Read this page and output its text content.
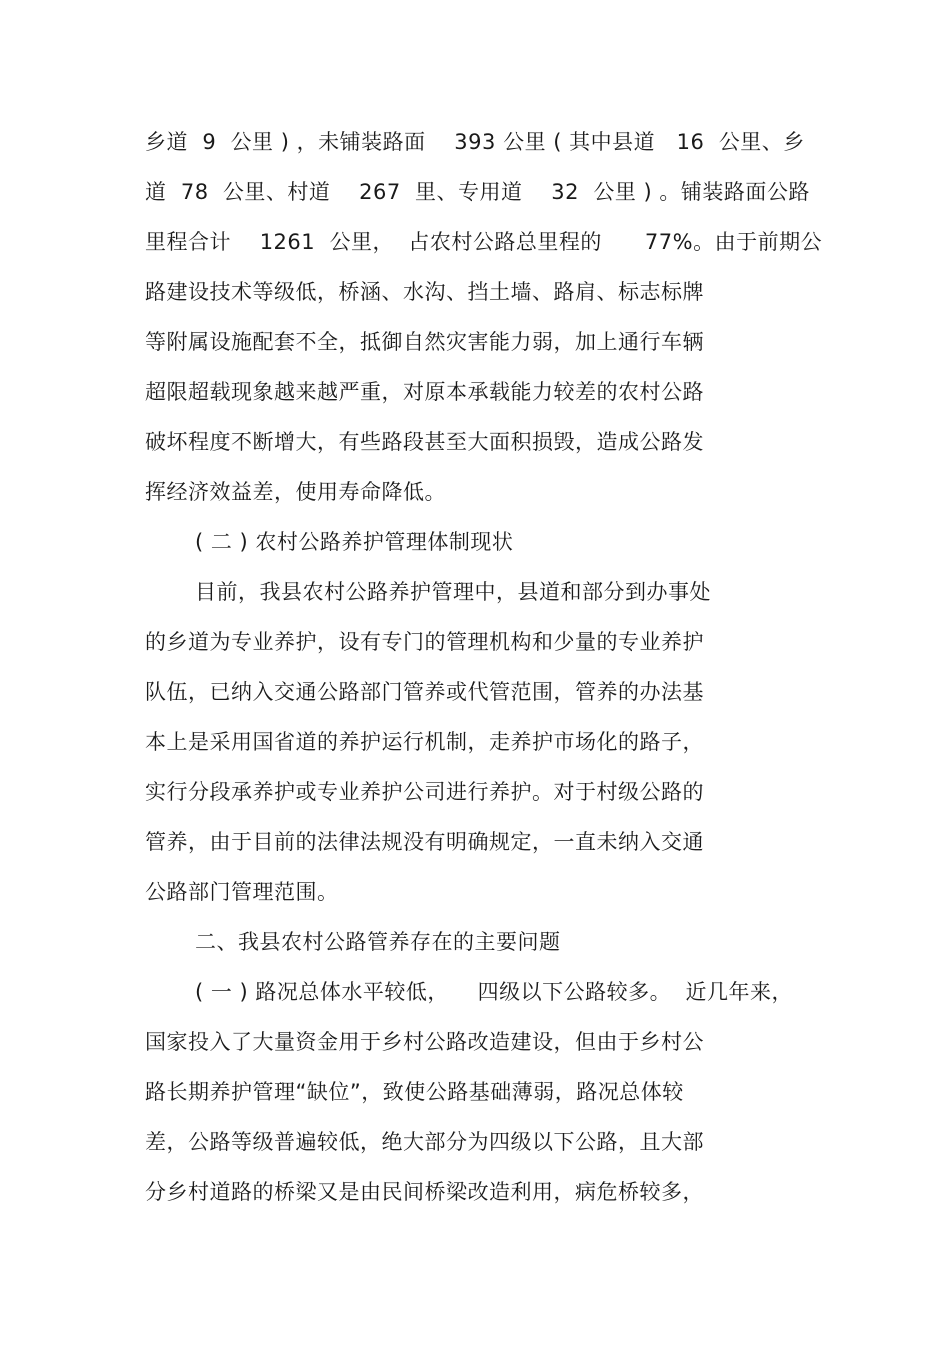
乡道  9  公里 ) ，未铺装路面    393 公里 ( 其中县道   16  公里、乡
道  78  公里、村道    267  里、专用道    32  公里 ) 。铺装路面公路
里程合计    1261  公里，  占农村公路总里程的      77%。由于前期公
路建设技术等级低，桥涵、水沟、挡土墙、路肩、标志标牌
等附属设施配套不全，抵御自然灾害能力弱，加上通行车辆
超限超载现象越来越严重，对原本承载能力较差的农村公路
破坏程度不断增大，有些路段甚至大面积损毁，造成公路发
挥经济效益差，使用寿命降低。
( 二 ) 农村公路养护管理体制现状
目前，我县农村公路养护管理中，县道和部分到办事处
的乡道为专业养护，设有专门的管理机构和少量的专业养护
队伍，已纳入交通公路部门管养或代管范围，管养的办法基
本上是采用国省道的养护运行机制，走养护市场化的路子，
实行分段承养护或专业养护公司进行养护。对于村级公路的
管养，由于目前的法律法规没有明确规定，一直未纳入交通
公路部门管理范围。
二、我县农村公路管养存在的主要问题
( 一 ) 路况总体水平较低，    四级以下公路较多。  近几年来，
国家投入了大量资金用于乡村公路改造建设，但由于乡村公
路长期养护管理“缺位”，致使公路基础薄弱，路况总体较
差，公路等级普遍较低，绝大部分为四级以下公路，且大部
分乡村道路的桥梁又是由民间桥梁改造利用，病危桥较多，
